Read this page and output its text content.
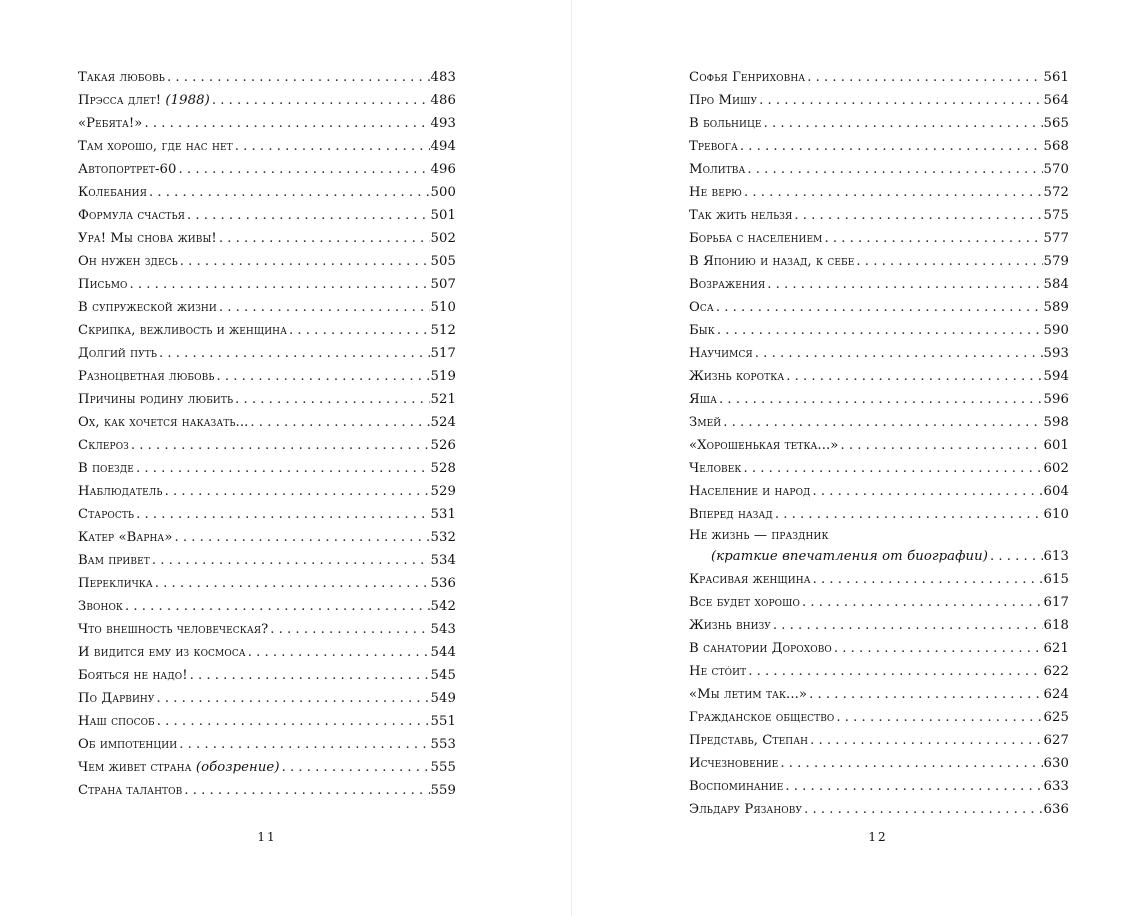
Такая любовь . . .	483
Прэсса длет! (1988) . . .	486
«Ребята!» . . .	493
Там хорошо, где нас нет . . .	494
Автопортрет-60 . . .	496
Колебания . . .	500
Формула счастья . . .	501
Ура! Мы снова живы! . . .	502
Он нужен здесь . . .	505
Письмо . . .	507
В супружеской жизни . . .	510
Скрипка, вежливость и женщина . . .	512
Долгий путь . . .	517
Разноцветная любовь . . .	519
Причины родину любить . . .	521
Ох, как хочется наказать... . . .	524
Склероз . . .	526
В поезде . . .	528
Наблюдатель . . .	529
Старость . . .	531
Катер «Варна» . . .	532
Вам привет . . .	534
Перекличка . . .	536
Звонок . . .	542
Что внешность человеческая? . . .	543
И видится ему из космоса . . .	544
Бояться не надо! . . .	545
По Дарвину . . .	549
Наш способ . . .	551
Об импотенции . . .	553
Чем живет страна (обозрение) . . .	555
Страна талантов . . .	559
11
Софья Генриховна . . .	561
Про Мишу . . .	564
В больнице . . .	565
Тревога . . .	568
Молитва . . .	570
Не верю . . .	572
Так жить нельзя . . .	575
Борьба с населением . . .	577
В Японию и назад, к себе . . .	579
Возражения . . .	584
Оса . . .	589
Бык . . .	590
Научимся . . .	593
Жизнь коротка . . .	594
Яша . . .	596
Змей . . .	598
«Хорошенькая тетка...» . . .	601
Человек . . .	602
Население и народ . . .	604
Вперед назад . . .	610
Не жизнь — праздник
(краткие впечатления от биографии) . . .	613
Красивая женщина . . .	615
Все будет хорошо . . .	617
Жизнь внизу . . .	618
В санатории Дорохово . . .	621
Не стóит . . .	622
«Мы летим так...» . . .	624
Гражданское общество . . .	625
Представь, Степан . . .	627
Исчезновение . . .	630
Воспоминание . . .	633
Эльдару Рязанову . . .	636
12
